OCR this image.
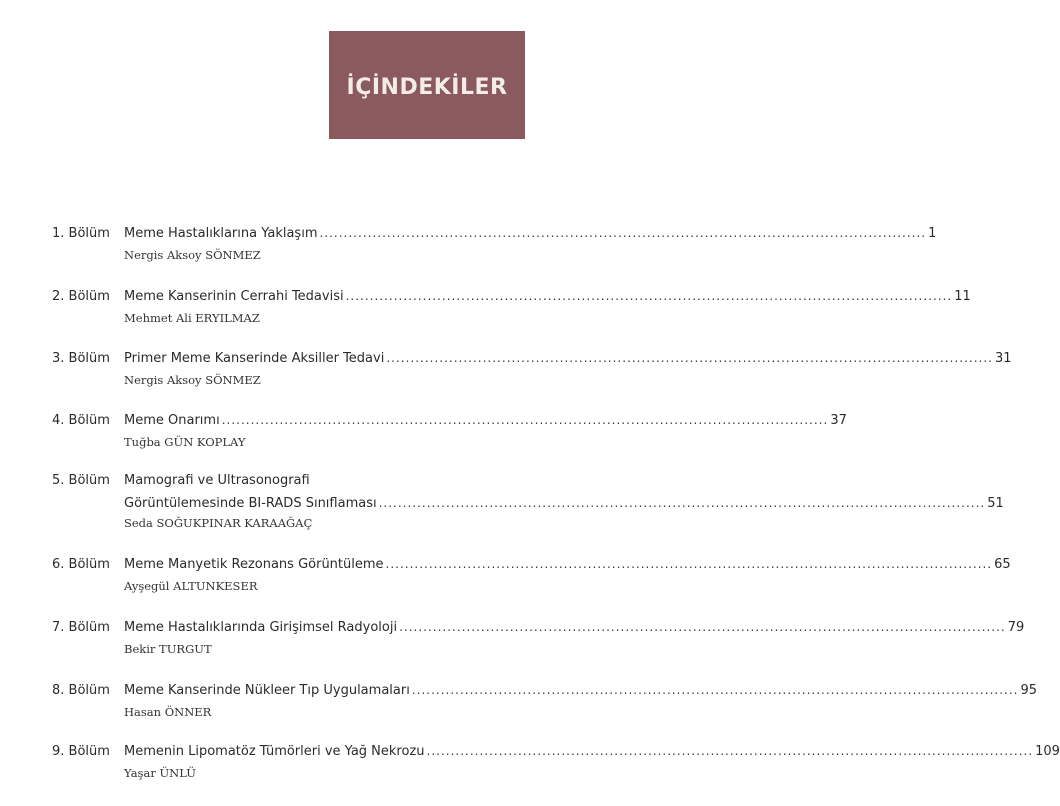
İÇİNDEKİLER
1. Bölüm Meme Hastalıklarına Yaklaşım .............................................................................................................................. 1
Nergis Aksoy SÖNMEZ
2. Bölüm Meme Kanserinin Cerrahi Tedavisi .............................................................................................................................. 11
Mehmet Ali ERYILMAZ
3. Bölüm Primer Meme Kanserinde Aksiller Tedavi .............................................................................................................................. 31
Nergis Aksoy SÖNMEZ
4. Bölüm Meme Onarımı .............................................................................................................................. 37
Tuğba GÜN KOPLAY
5. Bölüm Mamografi ve Ultrasonografi
Görüntülemesinde BI-RADS Sınıflaması .............................................................................................................................. 51
Seda SOĞUKPINAR KARAAĞAÇ
6. Bölüm Meme Manyetik Rezonans Görüntüleme .............................................................................................................................. 65
Ayşegül ALTUNKESER
7. Bölüm Meme Hastalıklarında Girişimsel Radyoloji .............................................................................................................................. 79
Bekir TURGUT
8. Bölüm Meme Kanserinde Nükleer Tıp Uygulamaları .............................................................................................................................. 95
Hasan ÖNNER
9. Bölüm Memenin Lipomatöz Tümörleri ve Yağ Nekrozu .............................................................................................................................. 109
Yaşar ÜNLÜ
